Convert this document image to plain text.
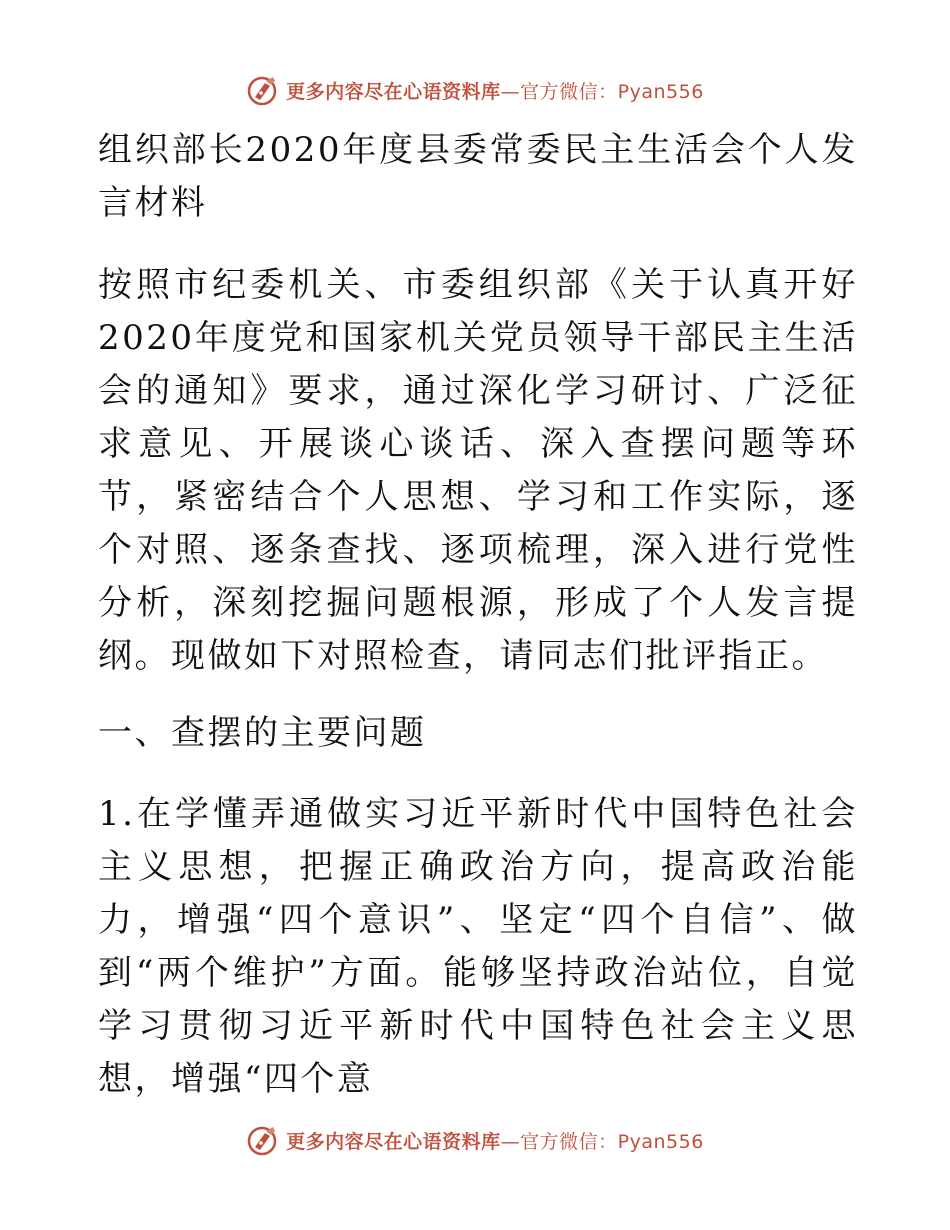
更多内容尽在心语资料库—官方微信：Pyan556

组织部长2020年度县委常委民主生活会个人发言材料

按照市纪委机关、市委组织部《关于认真开好2020年度党和国家机关党员领导干部民主生活会的通知》要求，通过深化学习研讨、广泛征求意见、开展谈心谈话、深入查摆问题等环节，紧密结合个人思想、学习和工作实际，逐个对照、逐条查找、逐项梳理，深入进行党性分析，深刻挖掘问题根源，形成了个人发言提纲。现做如下对照检查，请同志们批评指正。

一、查摆的主要问题

1.在学懂弄通做实习近平新时代中国特色社会主义思想，把握正确政治方向，提高政治能力，增强“四个意识”、坚定“四个自信”、做到“两个维护”方面。能够坚持政治站位，自觉学习贯彻习近平新时代中国特色社会主义思想，增强“四个意

更多内容尽在心语资料库—官方微信：Pyan556
